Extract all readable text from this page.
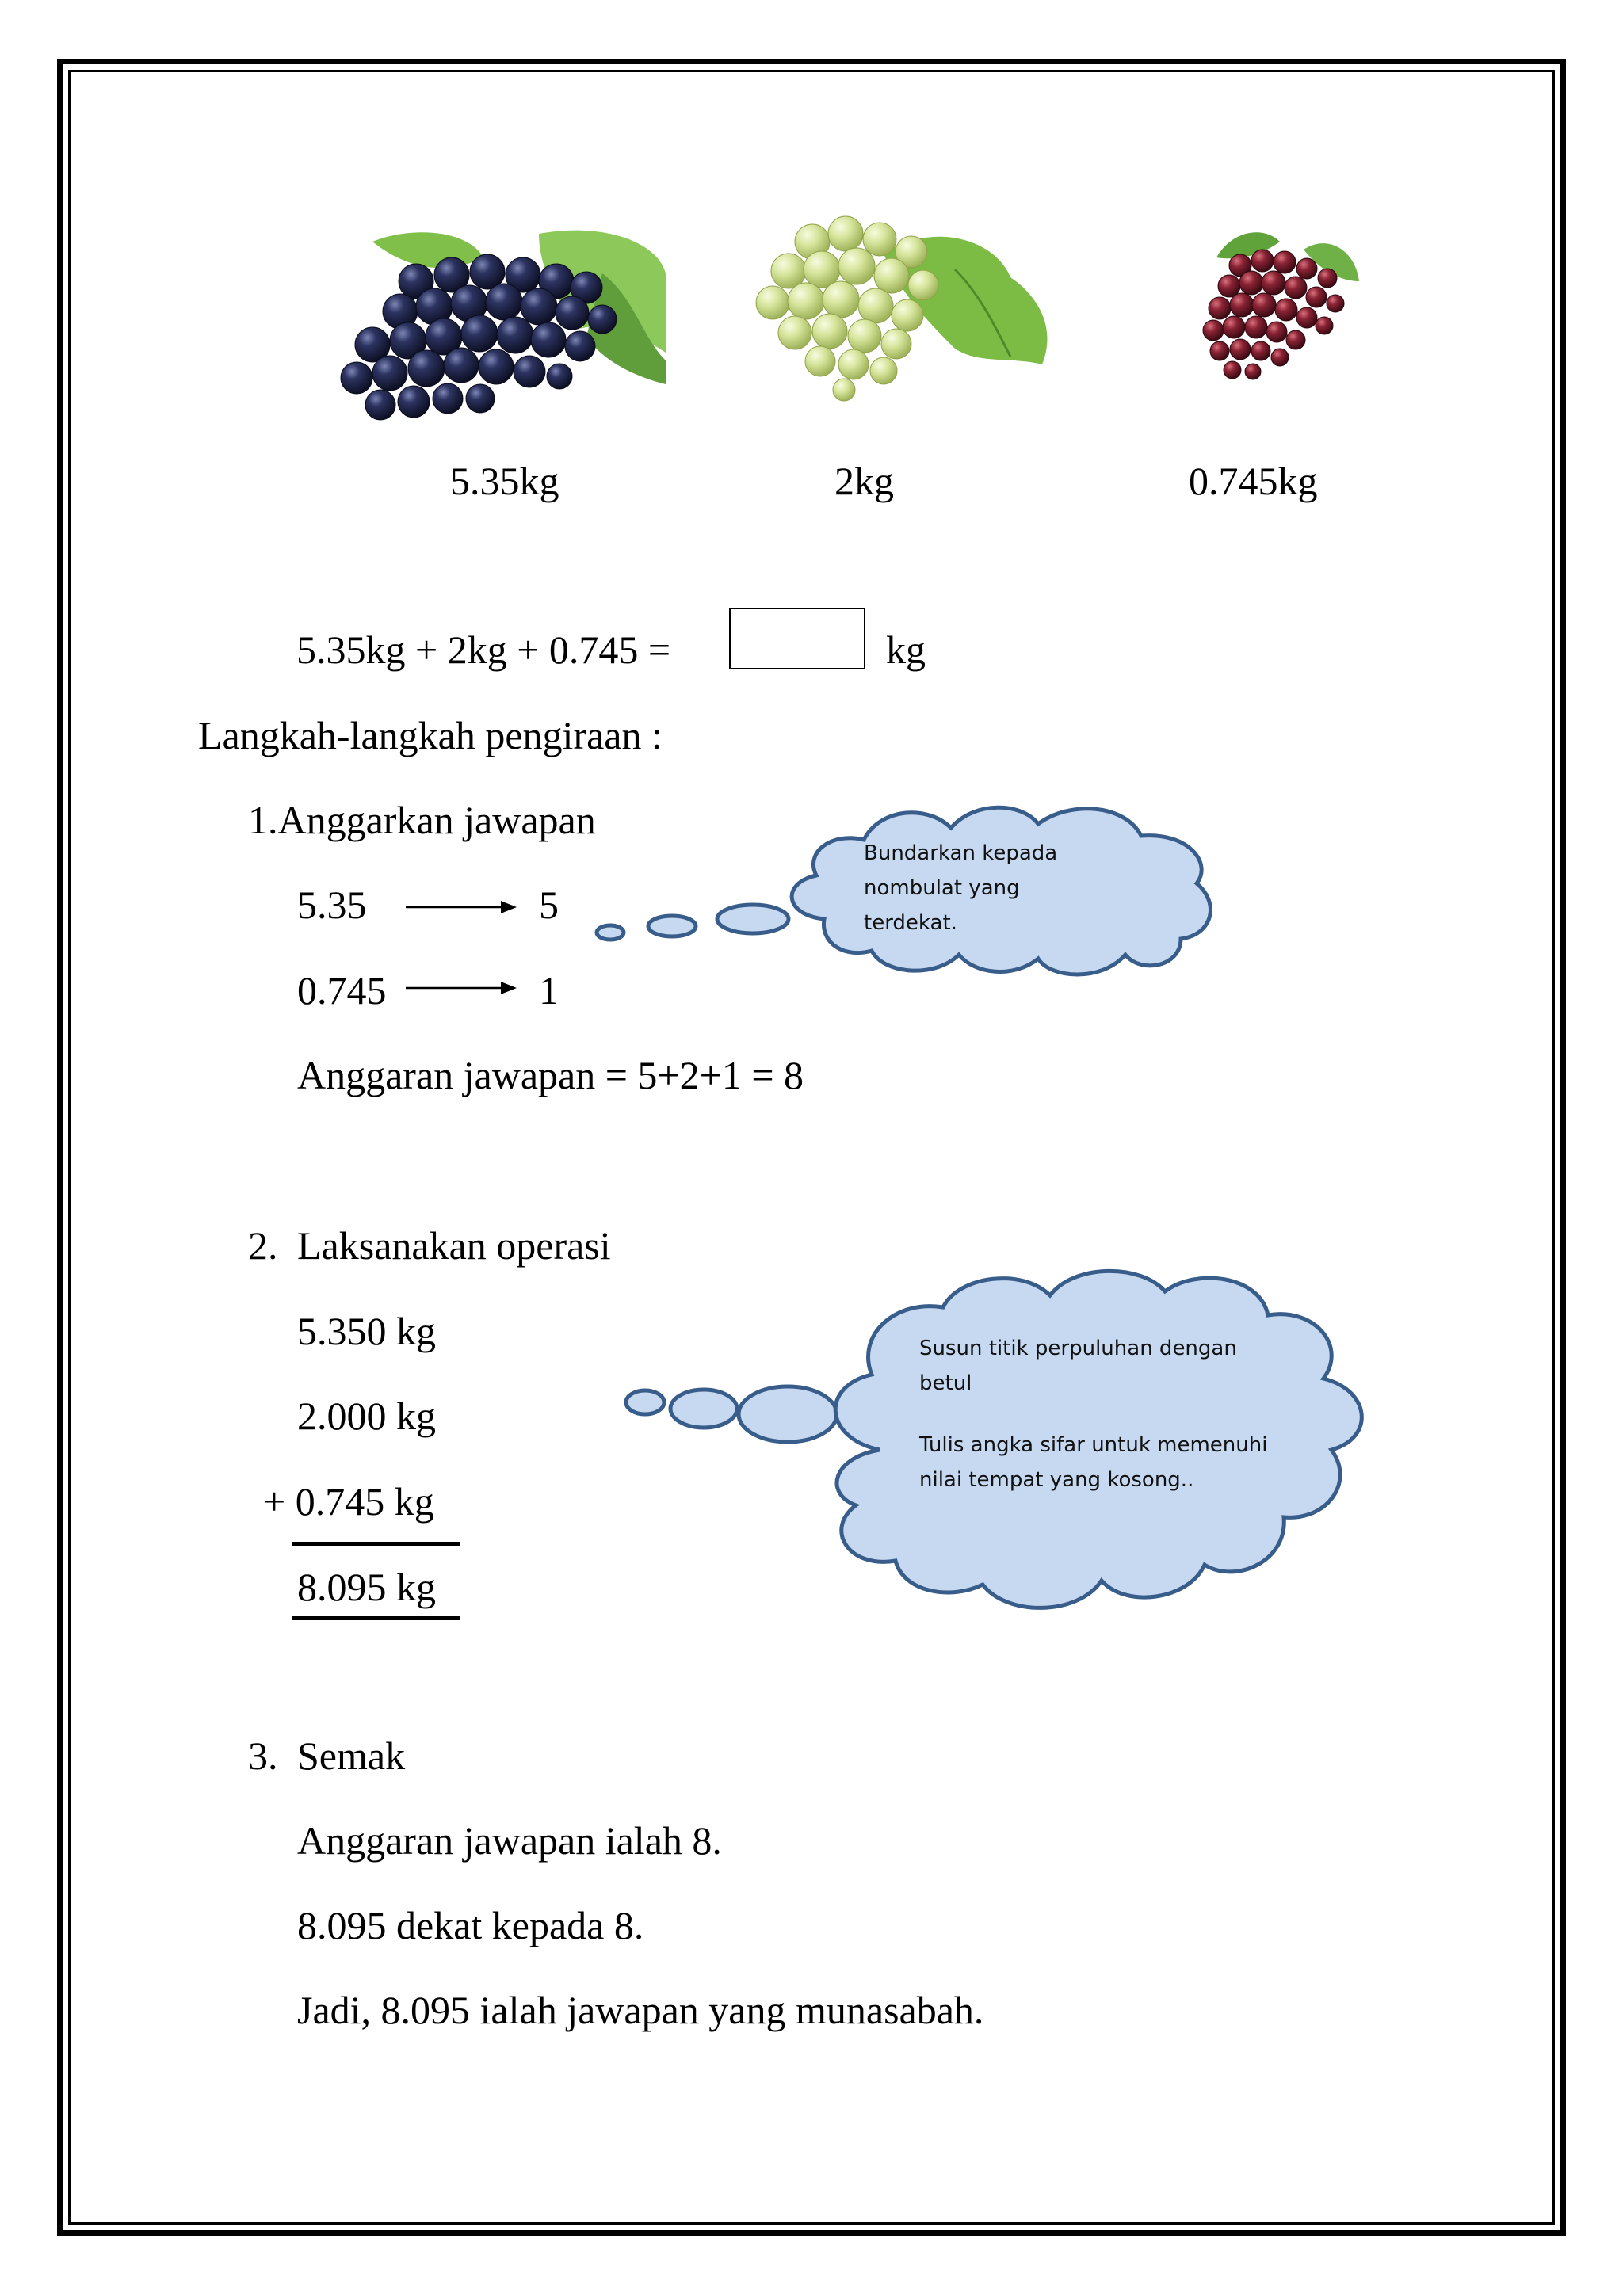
5.35kg	2kg	0.745kg
5.35kg + 2kg + 0.745 =	kg
Langkah-langkah pengiraan :
1.Anggarkan jawapan
5.35	5
0.745	1
Anggaran jawapan = 5+2+1 = 8
Bundarkan kepada nombulat yang terdekat.
2. Laksanakan operasi
5.350 kg
2.000 kg
+ 0.745 kg
8.095 kg
Susun titik perpuluhan dengan betul
Tulis angka sifar untuk memenuhi nilai tempat yang kosong..
3. Semak
Anggaran jawapan ialah 8.
8.095 dekat kepada 8.
Jadi, 8.095 ialah jawapan yang munasabah.
